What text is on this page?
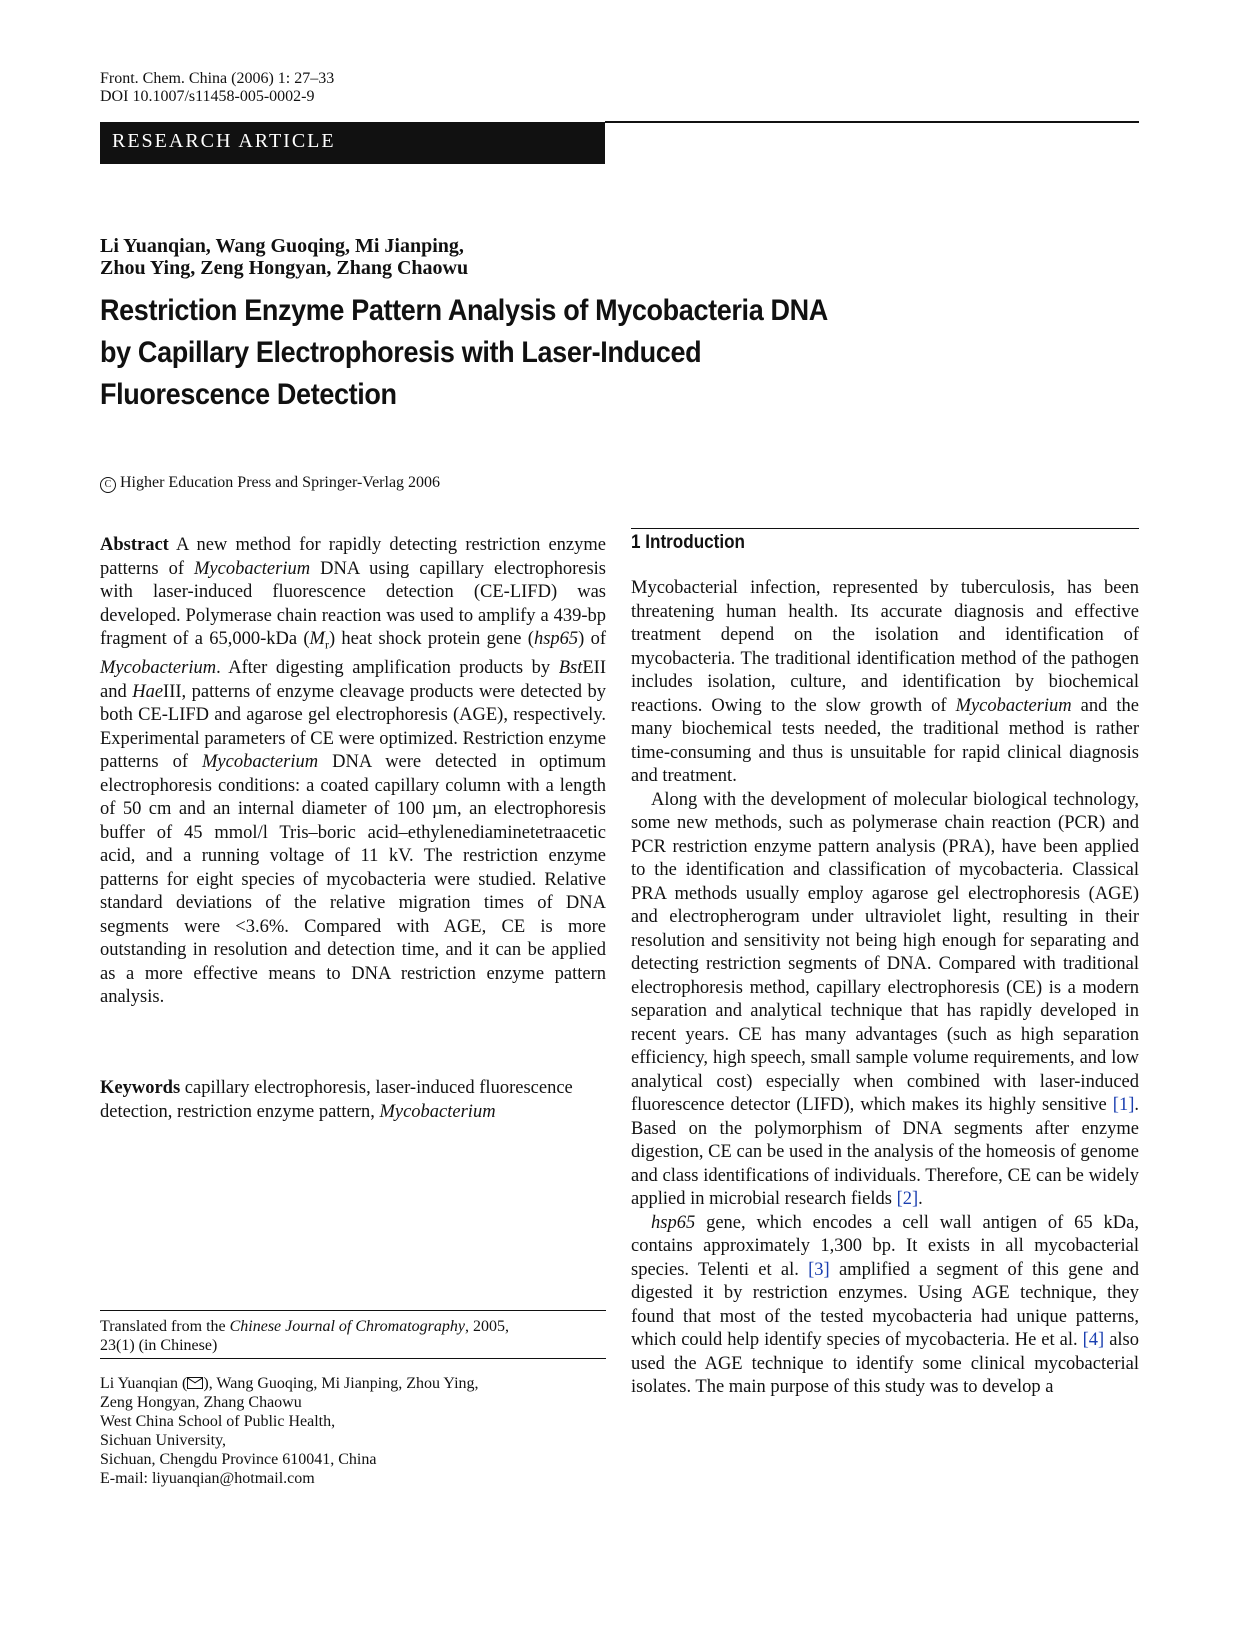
Front. Chem. China (2006) 1: 27–33
DOI 10.1007/s11458-005-0002-9
RESEARCH ARTICLE
Li Yuanqian, Wang Guoqing, Mi Jianping,
Zhou Ying, Zeng Hongyan, Zhang Chaowu
Restriction Enzyme Pattern Analysis of Mycobacteria DNA
by Capillary Electrophoresis with Laser-Induced
Fluorescence Detection
C Higher Education Press and Springer-Verlag 2006
Abstract A new method for rapidly detecting restriction enzyme patterns of Mycobacterium DNA using capillary electrophoresis with laser-induced fluorescence detection (CE-LIFD) was developed. Polymerase chain reaction was used to amplify a 439-bp fragment of a 65,000-kDa $(M_r)$ heat shock protein gene (hsp65) of Mycobacterium. After digesting amplification products by BstEII and HaeIII, patterns of enzyme cleavage products were detected by both CE-LIFD and agarose gel electrophoresis (AGE), respectively. Experimental parameters of CE were optimized. Restriction enzyme patterns of Mycobacterium DNA were detected in optimum electrophoresis conditions: a coated capillary column with a length of 50 cm and an internal diameter of 100 µm, an electrophoresis buffer of 45 mmol/l Tris–boric acid–ethylenediaminetetraacetic acid, and a running voltage of 11 kV. The restriction enzyme patterns for eight species of mycobacteria were studied. Relative standard deviations of the relative migration times of DNA segments were <3.6%. Compared with AGE, CE is more outstanding in resolution and detection time, and it can be applied as a more effective means to DNA restriction enzyme pattern analysis.
Keywords capillary electrophoresis, laser-induced fluorescence detection, restriction enzyme pattern, Mycobacterium
Translated from the Chinese Journal of Chromatography, 2005,
23(1) (in Chinese)
Li Yuanqian ( ), Wang Guoqing, Mi Jianping, Zhou Ying,
Zeng Hongyan, Zhang Chaowu
West China School of Public Health,
Sichuan University,
Sichuan, Chengdu Province 610041, China
E-mail: liyuanqian@hotmail.com
1 Introduction

Mycobacterial infection, represented by tuberculosis, has been threatening human health. Its accurate diagnosis and effective treatment depend on the isolation and identification of mycobacteria. The traditional identification method of the pathogen includes isolation, culture, and identification by biochemical reactions. Owing to the slow growth of Mycobacterium and the many biochemical tests needed, the traditional method is rather time-consuming and thus is unsuitable for rapid clinical diagnosis and treatment.

Along with the development of molecular biological technology, some new methods, such as polymerase chain reaction (PCR) and PCR restriction enzyme pattern analysis (PRA), have been applied to the identification and classification of mycobacteria. Classical PRA methods usually employ agarose gel electrophoresis (AGE) and electropherogram under ultraviolet light, resulting in their resolution and sensitivity not being high enough for separating and detecting restriction segments of DNA. Compared with traditional electrophoresis method, capillary electrophoresis (CE) is a modern separation and analytical technique that has rapidly developed in recent years. CE has many advantages (such as high separation efficiency, high speech, small sample volume requirements, and low analytical cost) especially when combined with laser-induced fluorescence detector (LIFD), which makes its highly sensitive [1]. Based on the polymorphism of DNA segments after enzyme digestion, CE can be used in the analysis of the homeosis of genome and class identifications of individuals. Therefore, CE can be widely applied in microbial research fields [2].

hsp65 gene, which encodes a cell wall antigen of 65 kDa, contains approximately 1,300 bp. It exists in all mycobacterial species. Telenti et al. [3] amplified a segment of this gene and digested it by restriction enzymes. Using AGE technique, they found that most of the tested mycobacteria had unique patterns, which could help identify species of mycobacteria. He et al. [4] also used the AGE technique to identify some clinical mycobacterial isolates. The main purpose of this study was to develop a
